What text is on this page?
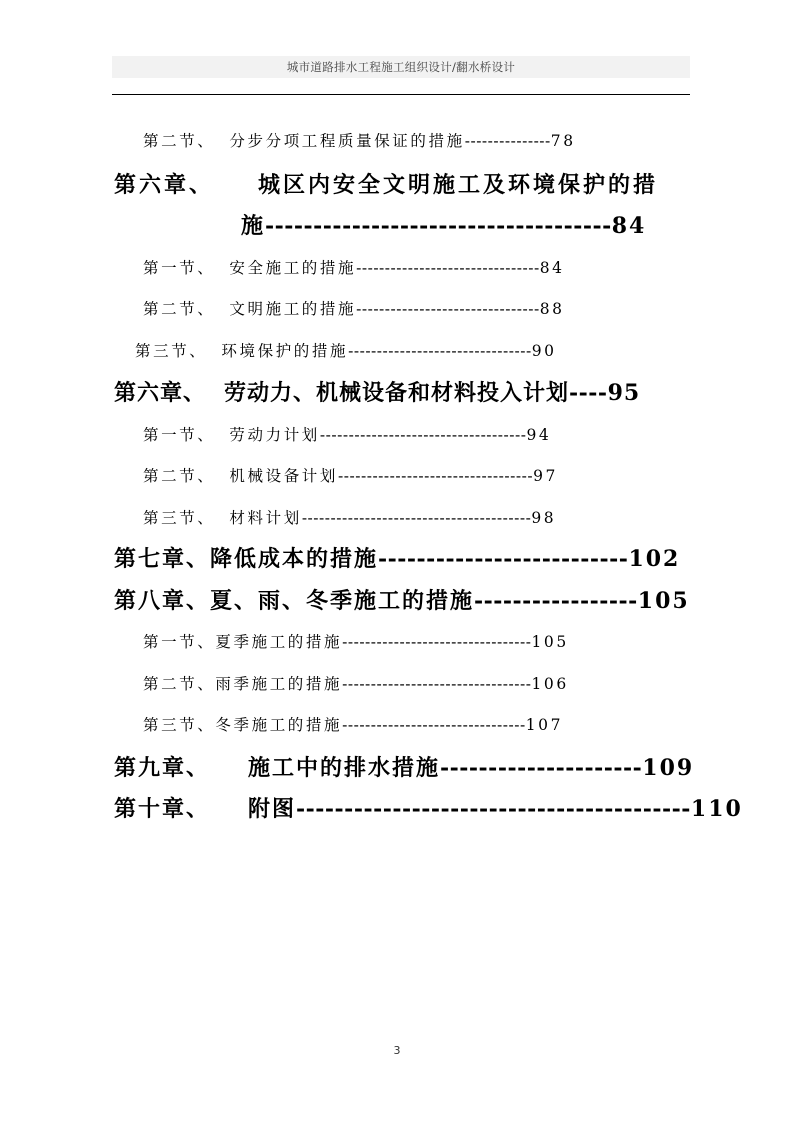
城市道路排水工程施工组织设计/翻水桥设计
第二节、 分步分项工程质量保证的措施---------------78
第六章、 城区内安全文明施工及环境保护的措
施------------------------------------84
第一节、 安全施工的措施--------------------------------84
第二节、 文明施工的措施--------------------------------88
第三节、 环境保护的措施--------------------------------90
第六章、 劳动力、机械设备和材料投入计划----95
第一节、 劳动力计划------------------------------------94
第二节、 机械设备计划----------------------------------97
第三节、 材料计划----------------------------------------98
第七章、降低成本的措施--------------------------102
第八章、夏、雨、冬季施工的措施-----------------105
第一节、夏季施工的措施---------------------------------105
第二节、雨季施工的措施---------------------------------106
第三节、冬季施工的措施--------------------------------107
第九章、 施工中的排水措施---------------------109
第十章、 附图-----------------------------------------110
3
